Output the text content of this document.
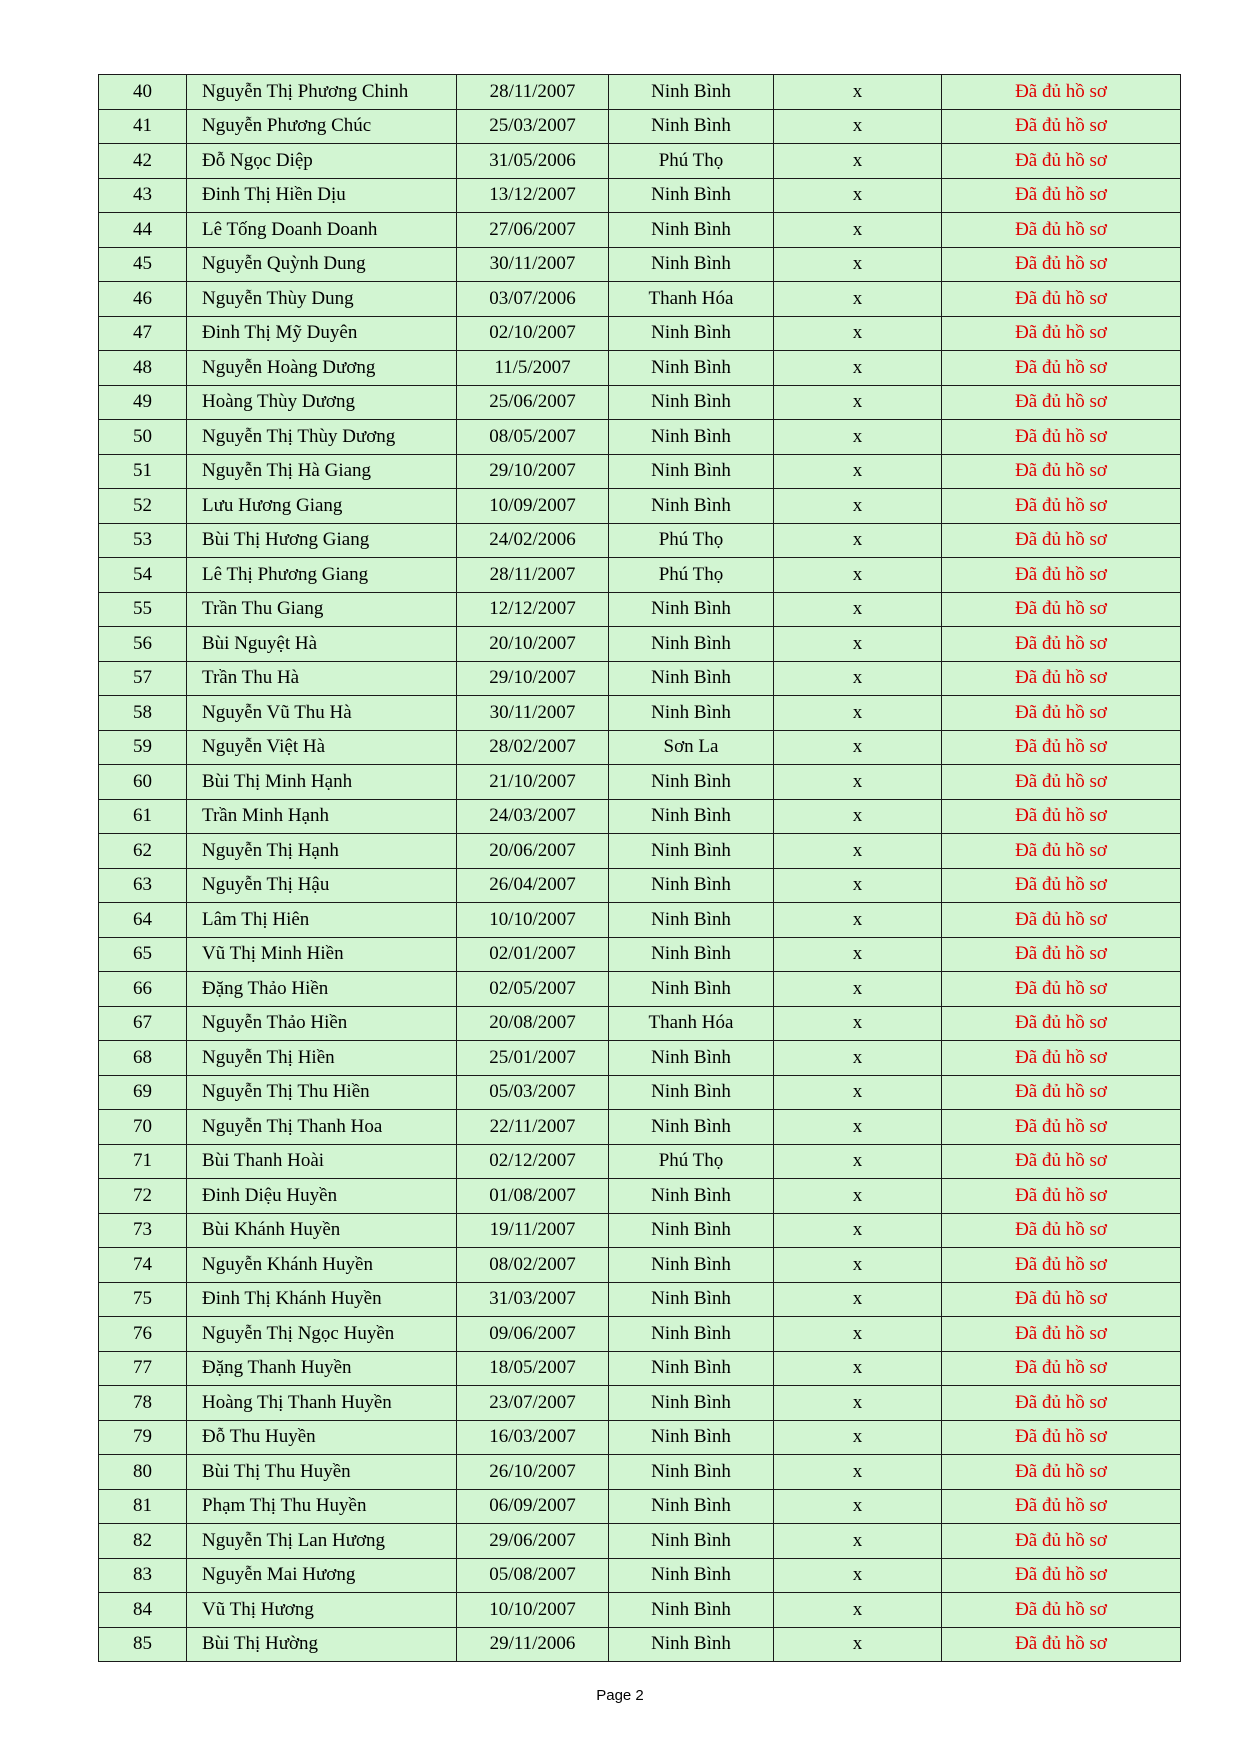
40	Nguyễn Thị Phương Chinh	28/11/2007	Ninh Bình	x	Đã đủ hồ sơ
41	Nguyễn Phương Chúc	25/03/2007	Ninh Bình	x	Đã đủ hồ sơ
42	Đỗ Ngọc Diệp	31/05/2006	Phú Thọ	x	Đã đủ hồ sơ
43	Đinh Thị Hiền Dịu	13/12/2007	Ninh Bình	x	Đã đủ hồ sơ
44	Lê Tống Doanh Doanh	27/06/2007	Ninh Bình	x	Đã đủ hồ sơ
45	Nguyễn Quỳnh Dung	30/11/2007	Ninh Bình	x	Đã đủ hồ sơ
46	Nguyễn Thùy Dung	03/07/2006	Thanh Hóa	x	Đã đủ hồ sơ
47	Đinh Thị Mỹ Duyên	02/10/2007	Ninh Bình	x	Đã đủ hồ sơ
48	Nguyễn Hoàng Dương	11/5/2007	Ninh Bình	x	Đã đủ hồ sơ
49	Hoàng Thùy Dương	25/06/2007	Ninh Bình	x	Đã đủ hồ sơ
50	Nguyễn Thị Thùy Dương	08/05/2007	Ninh Bình	x	Đã đủ hồ sơ
51	Nguyễn Thị Hà Giang	29/10/2007	Ninh Bình	x	Đã đủ hồ sơ
52	Lưu Hương Giang	10/09/2007	Ninh Bình	x	Đã đủ hồ sơ
53	Bùi Thị Hương Giang	24/02/2006	Phú Thọ	x	Đã đủ hồ sơ
54	Lê Thị Phương Giang	28/11/2007	Phú Thọ	x	Đã đủ hồ sơ
55	Trần Thu Giang	12/12/2007	Ninh Bình	x	Đã đủ hồ sơ
56	Bùi Nguyệt Hà	20/10/2007	Ninh Bình	x	Đã đủ hồ sơ
57	Trần Thu Hà	29/10/2007	Ninh Bình	x	Đã đủ hồ sơ
58	Nguyễn Vũ Thu Hà	30/11/2007	Ninh Bình	x	Đã đủ hồ sơ
59	Nguyễn Việt Hà	28/02/2007	Sơn La	x	Đã đủ hồ sơ
60	Bùi Thị Minh Hạnh	21/10/2007	Ninh Bình	x	Đã đủ hồ sơ
61	Trần Minh Hạnh	24/03/2007	Ninh Bình	x	Đã đủ hồ sơ
62	Nguyễn Thị Hạnh	20/06/2007	Ninh Bình	x	Đã đủ hồ sơ
63	Nguyễn Thị Hậu	26/04/2007	Ninh Bình	x	Đã đủ hồ sơ
64	Lâm Thị Hiên	10/10/2007	Ninh Bình	x	Đã đủ hồ sơ
65	Vũ Thị Minh Hiền	02/01/2007	Ninh Bình	x	Đã đủ hồ sơ
66	Đặng Thảo Hiền	02/05/2007	Ninh Bình	x	Đã đủ hồ sơ
67	Nguyễn Thảo Hiền	20/08/2007	Thanh Hóa	x	Đã đủ hồ sơ
68	Nguyễn Thị Hiền	25/01/2007	Ninh Bình	x	Đã đủ hồ sơ
69	Nguyễn Thị Thu Hiền	05/03/2007	Ninh Bình	x	Đã đủ hồ sơ
70	Nguyễn Thị Thanh Hoa	22/11/2007	Ninh Bình	x	Đã đủ hồ sơ
71	Bùi Thanh Hoài	02/12/2007	Phú Thọ	x	Đã đủ hồ sơ
72	Đinh Diệu Huyền	01/08/2007	Ninh Bình	x	Đã đủ hồ sơ
73	Bùi Khánh Huyền	19/11/2007	Ninh Bình	x	Đã đủ hồ sơ
74	Nguyễn Khánh Huyền	08/02/2007	Ninh Bình	x	Đã đủ hồ sơ
75	Đinh Thị Khánh Huyền	31/03/2007	Ninh Bình	x	Đã đủ hồ sơ
76	Nguyễn Thị Ngọc Huyền	09/06/2007	Ninh Bình	x	Đã đủ hồ sơ
77	Đặng Thanh Huyền	18/05/2007	Ninh Bình	x	Đã đủ hồ sơ
78	Hoàng Thị Thanh Huyền	23/07/2007	Ninh Bình	x	Đã đủ hồ sơ
79	Đỗ Thu Huyền	16/03/2007	Ninh Bình	x	Đã đủ hồ sơ
80	Bùi Thị Thu Huyền	26/10/2007	Ninh Bình	x	Đã đủ hồ sơ
81	Phạm Thị Thu Huyền	06/09/2007	Ninh Bình	x	Đã đủ hồ sơ
82	Nguyễn Thị Lan Hương	29/06/2007	Ninh Bình	x	Đã đủ hồ sơ
83	Nguyễn Mai Hương	05/08/2007	Ninh Bình	x	Đã đủ hồ sơ
84	Vũ Thị Hương	10/10/2007	Ninh Bình	x	Đã đủ hồ sơ
85	Bùi Thị Hường	29/11/2006	Ninh Bình	x	Đã đủ hồ sơ
Page 2
